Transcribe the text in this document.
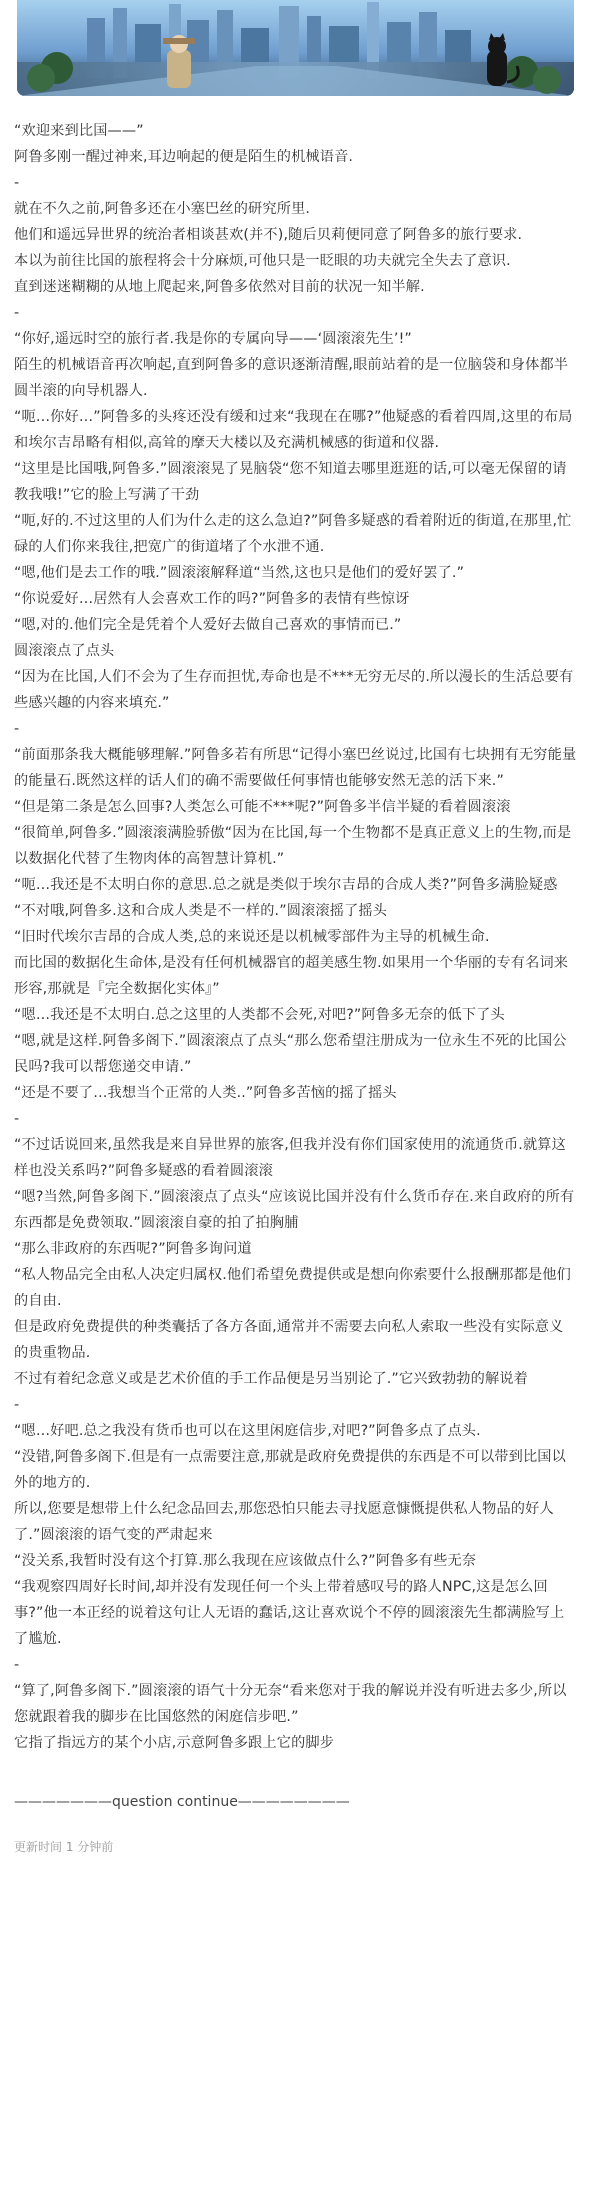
“欢迎来到比国——”

阿鲁多刚一醒过神来,耳边响起的便是陌生的机械语音.

-

就在不久之前,阿鲁多还在小塞巴丝的研究所里.

他们和遥远异世界的统治者相谈甚欢(并不),随后贝莉便同意了阿鲁多的旅行要求.

本以为前往比国的旅程将会十分麻烦,可他只是一眨眼的功夫就完全失去了意识.

直到迷迷糊糊的从地上爬起来,阿鲁多依然对目前的状况一知半解.

-

“你好,遥远时空的旅行者.我是你的专属向导——‘圆滚滚先生’!”

陌生的机械语音再次响起,直到阿鲁多的意识逐渐清醒,眼前站着的是一位脑袋和身体都半圆半滚的向导机器人.

“呃…你好…”阿鲁多的头疼还没有缓和过来“我现在在哪?”他疑惑的看着四周,这里的布局和埃尔吉昂略有相似,高耸的摩天大楼以及充满机械感的街道和仪器.

“这里是比国哦,阿鲁多.”圆滚滚晃了晃脑袋“您不知道去哪里逛逛的话,可以毫无保留的请教我哦!”它的脸上写满了干劲

“呃,好的.不过这里的人们为什么走的这么急迫?”阿鲁多疑惑的看着附近的街道,在那里,忙碌的人们你来我往,把宽广的街道堵了个水泄不通.

“嗯,他们是去工作的哦.”圆滚滚解释道“当然,这也只是他们的爱好罢了.”

“你说爱好…居然有人会喜欢工作的吗?”阿鲁多的表情有些惊讶

“嗯,对的.他们完全是凭着个人爱好去做自己喜欢的事情而已.”

圆滚滚点了点头

“因为在比国,人们不会为了生存而担忧,寿命也是不***无穷无尽的.所以漫长的生活总要有些感兴趣的内容来填充.”

-

“前面那条我大概能够理解.”阿鲁多若有所思“记得小塞巴丝说过,比国有七块拥有无穷能量的能量石.既然这样的话人们的确不需要做任何事情也能够安然无恙的活下来.”

“但是第二条是怎么回事?人类怎么可能不***呢?”阿鲁多半信半疑的看着圆滚滚

“很简单,阿鲁多.”圆滚滚满脸骄傲“因为在比国,每一个生物都不是真正意义上的生物,而是以数据化代替了生物肉体的高智慧计算机.”

“呃…我还是不太明白你的意思.总之就是类似于埃尔吉昂的合成人类?”阿鲁多满脸疑惑

“不对哦,阿鲁多.这和合成人类是不一样的.”圆滚滚摇了摇头

“旧时代埃尔吉昂的合成人类,总的来说还是以机械零部件为主导的机械生命.

而比国的数据化生命体,是没有任何机械器官的超美感生物.如果用一个华丽的专有名词来形容,那就是『完全数据化实体』”

“嗯…我还是不太明白.总之这里的人类都不会死,对吧?”阿鲁多无奈的低下了头

“嗯,就是这样.阿鲁多阁下.”圆滚滚点了点头“那么您希望注册成为一位永生不死的比国公民吗?我可以帮您递交申请.”

“还是不要了…我想当个正常的人类..”阿鲁多苦恼的摇了摇头

-

“不过话说回来,虽然我是来自异世界的旅客,但我并没有你们国家使用的流通货币.就算这样也没关系吗?”阿鲁多疑惑的看着圆滚滚

“嗯?当然,阿鲁多阁下.”圆滚滚点了点头“应该说比国并没有什么货币存在.来自政府的所有东西都是免费领取.”圆滚滚自豪的拍了拍胸脯

“那么非政府的东西呢?”阿鲁多询问道

“私人物品完全由私人决定归属权.他们希望免费提供或是想向你索要什么报酬那都是他们的自由.

但是政府免费提供的种类囊括了各方各面,通常并不需要去向私人索取一些没有实际意义的贵重物品.

不过有着纪念意义或是艺术价值的手工作品便是另当别论了.”它兴致勃勃的解说着

-

“嗯…好吧.总之我没有货币也可以在这里闲庭信步,对吧?”阿鲁多点了点头.

“没错,阿鲁多阁下.但是有一点需要注意,那就是政府免费提供的东西是不可以带到比国以外的地方的.

所以,您要是想带上什么纪念品回去,那您恐怕只能去寻找愿意慷慨提供私人物品的好人了.”圆滚滚的语气变的严肃起来

“没关系,我暂时没有这个打算.那么我现在应该做点什么?”阿鲁多有些无奈

“我观察四周好长时间,却并没有发现任何一个头上带着感叹号的路人NPC,这是怎么回事?”他一本正经的说着这句让人无语的蠢话,这让喜欢说个不停的圆滚滚先生都满脸写上了尴尬.

-

“算了,阿鲁多阁下.”圆滚滚的语气十分无奈“看来您对于我的解说并没有听进去多少,所以您就跟着我的脚步在比国悠然的闲庭信步吧.”

它指了指远方的某个小店,示意阿鲁多跟上它的脚步

———————question continue————————
更新时间 1 分钟前
